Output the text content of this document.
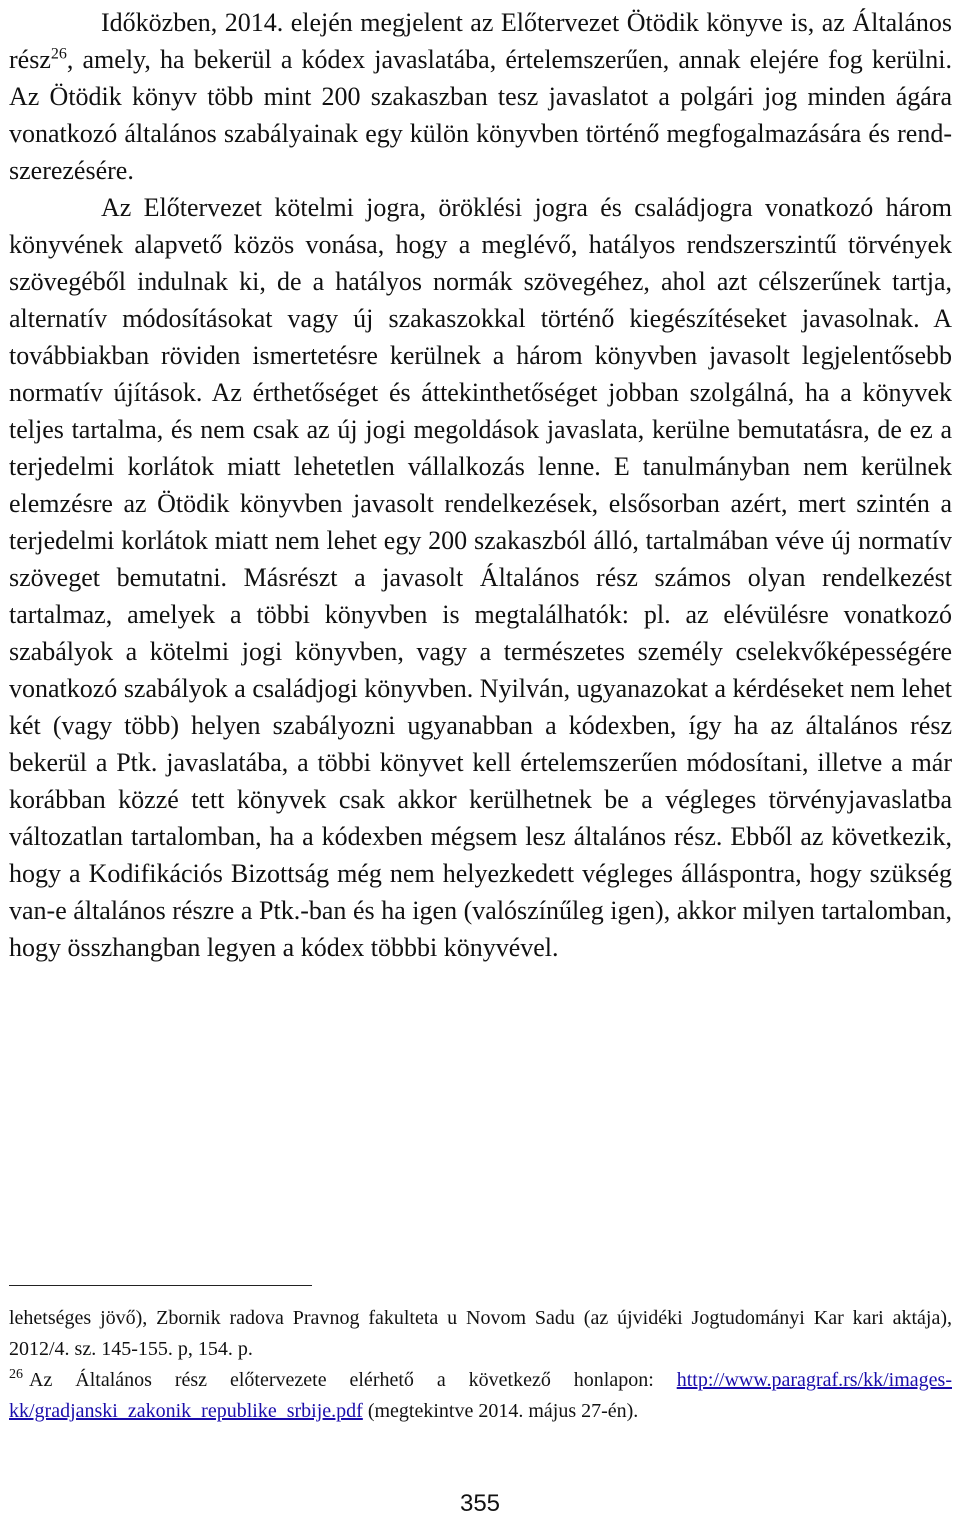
Időközben, 2014. elején megjelent az Előtervezet Ötödik könyve is, az Általános rész$^{26}$, amely, ha bekerül a kódex javaslatába, értelemszerűen, annak elejére fog kerülni. Az Ötödik könyv több mint 200 szakaszban tesz javaslatot a polgári jog minden ágára vonatkozó általános szabályainak egy külön könyvben történő megfogalmazására és rendszerezésére.

Az Előtervezet kötelmi jogra, öröklési jogra és családjogra vonatkozó három könyvének alapvető közös vonása, hogy a meglévő, hatályos rendszerszintű törvények szövegéből indulnak ki, de a hatályos normák szövegéhez, ahol azt célszerűnek tartja, alternatív módosításokat vagy új szakaszokkal történő kiegészítéseket javasolnak. A továbbiakban röviden ismertetésre kerülnek a három könyvben javasolt legjelentősebb normatív újítások. Az érthetőséget és áttekinthetőséget jobban szolgálná, ha a könyvek teljes tartalma, és nem csak az új jogi megoldások javaslata, kerülne bemutatásra, de ez a terjedelmi korlátok miatt lehetetlen vállalkozás lenne. E tanulmányban nem kerülnek elemzésre az Ötödik könyvben javasolt rendelkezések, elsősorban azért, mert szintén a terjedelmi korlátok miatt nem lehet egy 200 szakaszból álló, tartalmában véve új normatív szöveget bemutatni. Másrészt a javasolt Általános rész számos olyan rendelkezést tartalmaz, amelyek a többi könyvben is megtalálhatók: pl. az elévülésre vonatkozó szabályok a kötelmi jogi könyvben, vagy a természetes személy cselekvőképességére vonatkozó szabályok a családjogi könyvben. Nyilván, ugyanazokat a kérdéseket nem lehet két (vagy több) helyen szabályozni ugyanabban a kódexben, így ha az általános rész bekerül a Ptk. javaslatába, a többi könyvet kell értelemszerűen módosítani, illetve a már korábban közzé tett könyvek csak akkor kerülhetnek be a végleges törvényjavaslatba változatlan tartalomban, ha a kódexben mégsem lesz általános rész. Ebből az következik, hogy a Kodifikációs Bizottság még nem helyezkedett végleges álláspontra, hogy szükség van-e általános részre a Ptk.-ban és ha igen (valószínűleg igen), akkor milyen tartalomban, hogy összhangban legyen a kódex többbi könyvével.

lehetséges jövő), Zbornik radova Pravnog fakulteta u Novom Sadu (az újvidéki Jogtudományi Kar kari aktája), 2012/4. sz. 145-155. p, 154. p.

$^{26}$ Az Általános rész előtervezete elérhető a következő honlapon: http://www.paragraf.rs/kk/images-kk/gradjanski_zakonik_republike_srbije.pdf (megtekintve 2014. május 27-én).

355
